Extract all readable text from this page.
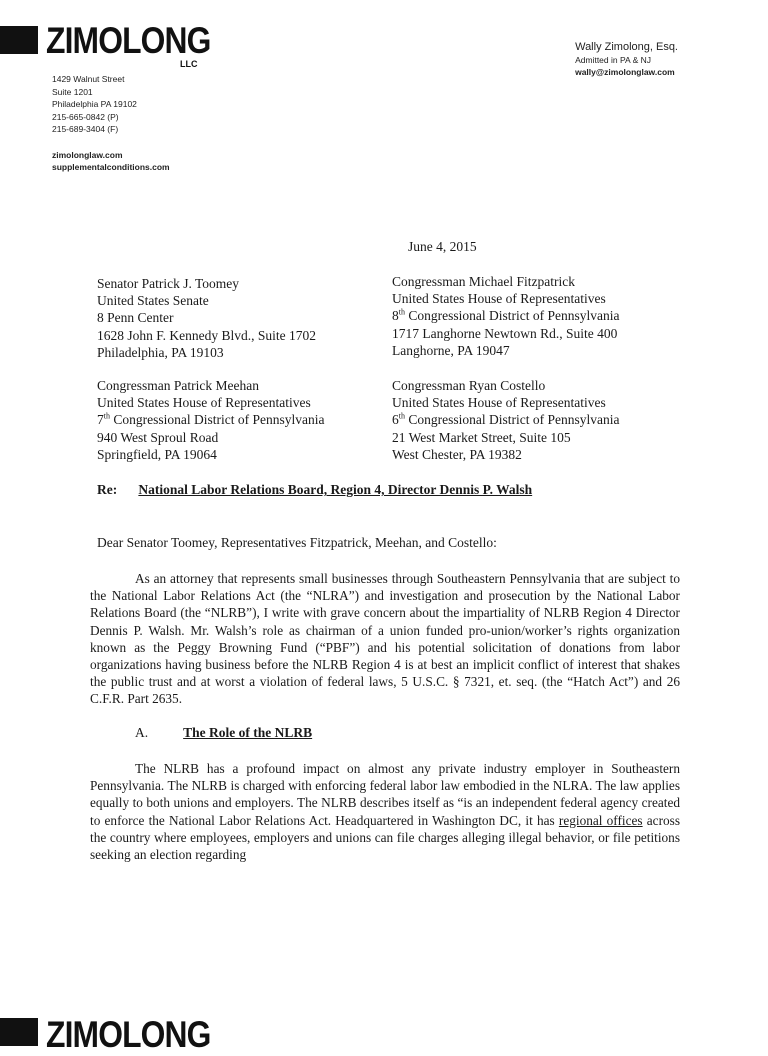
ZIMOLONG
LLC
1429 Walnut Street
Suite 1201
Philadelphia PA 19102
215-665-0842 (P)
215-689-3404 (F)
zimolonglaw.com
supplementalconditions.com
Wally Zimolong, Esq.
Admitted in PA & NJ
wally@zimolonglaw.com
June 4, 2015
Senator Patrick J. Toomey
United States Senate
8 Penn Center
1628 John F. Kennedy Blvd., Suite 1702
Philadelphia, PA 19103
Congressman Michael Fitzpatrick
United States House of Representatives
8th Congressional District of Pennsylvania
1717 Langhorne Newtown Rd., Suite 400
Langhorne, PA 19047
Congressman Patrick Meehan
United States House of Representatives
7th Congressional District of Pennsylvania
940 West Sproul Road
Springfield, PA 19064
Congressman Ryan Costello
United States House of Representatives
6th Congressional District of Pennsylvania
21 West Market Street, Suite 105
West Chester, PA 19382
Re: National Labor Relations Board, Region 4, Director Dennis P. Walsh
Dear Senator Toomey, Representatives Fitzpatrick, Meehan, and Costello:

As an attorney that represents small businesses through Southeastern Pennsylvania that are subject to the National Labor Relations Act (the “NLRA”) and investigation and prosecution by the National Labor Relations Board (the “NLRB”), I write with grave concern about the impartiality of NLRB Region 4 Director Dennis P. Walsh. Mr. Walsh’s role as chairman of a union funded pro-union/worker’s rights organization known as the Peggy Browning Fund (“PBF”) and his potential solicitation of donations from labor organizations having business before the NLRB Region 4 is at best an implicit conflict of interest that shakes the public trust and at worst a violation of federal laws, 5 U.S.C. § 7321, et. seq. (the “Hatch Act”) and 26 C.F.R. Part 2635.

A.	The Role of the NLRB

The NLRB has a profound impact on almost any private industry employer in Southeastern Pennsylvania. The NLRB is charged with enforcing federal labor law embodied in the NLRA. The law applies equally to both unions and employers. The NLRB describes itself as “is an independent federal agency created to enforce the National Labor Relations Act. Headquartered in Washington DC, it has regional offices across the country where employees, employers and unions can file charges alleging illegal behavior, or file petitions seeking an election regarding

ZIMOLONG
